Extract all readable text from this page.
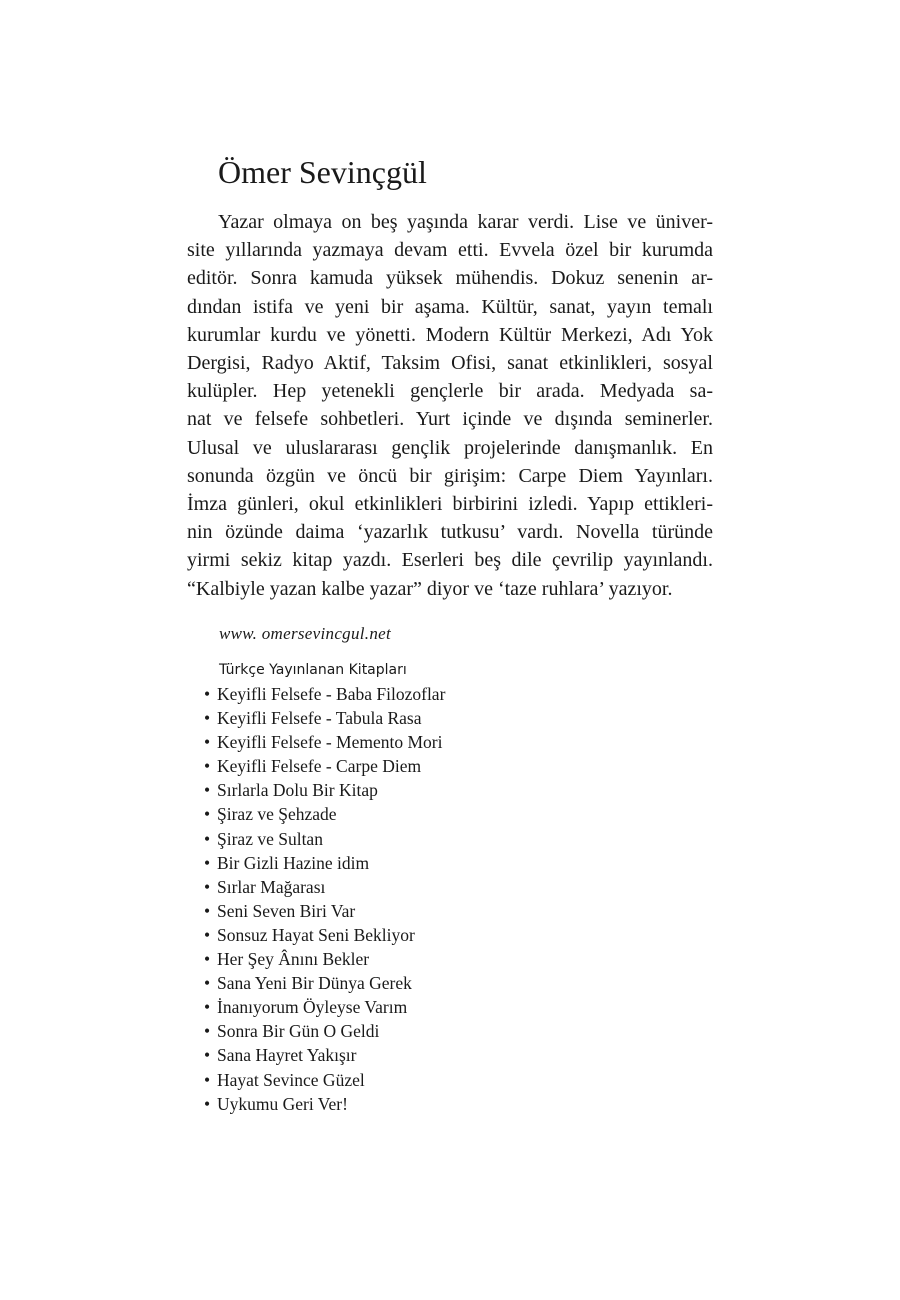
Ömer Sevinçgül
Yazar olmaya on beş yaşında karar verdi. Lise ve üniver-
site yıllarında yazmaya devam etti. Evvela özel bir kurumda
editör. Sonra kamuda yüksek mühendis. Dokuz senenin ar-
dından istifa ve yeni bir aşama. Kültür, sanat, yayın temalı
kurumlar kurdu ve yönetti. Modern Kültür Merkezi, Adı Yok
Dergisi, Radyo Aktif, Taksim Ofisi, sanat etkinlikleri, sosyal
kulüpler. Hep yetenekli gençlerle bir arada. Medyada sa-
nat ve felsefe sohbetleri. Yurt içinde ve dışında seminerler.
Ulusal ve uluslararası gençlik projelerinde danışmanlık. En
sonunda özgün ve öncü bir girişim: Carpe Diem Yayınları.
İmza günleri, okul etkinlikleri birbirini izledi. Yapıp ettikleri-
nin özünde daima ‘yazarlık tutkusu’ vardı. Novella türünde
yirmi sekiz kitap yazdı. Eserleri beş dile çevrilip yayınlandı.
“Kalbiyle yazan kalbe yazar” diyor ve ‘taze ruhlara’ yazıyor.

www. omersevincgul.net

Türkçe Yayınlanan Kitapları
• Keyifli Felsefe - Baba Filozoflar
• Keyifli Felsefe - Tabula Rasa
• Keyifli Felsefe - Memento Mori
• Keyifli Felsefe - Carpe Diem
• Sırlarla Dolu Bir Kitap
• Şiraz ve Şehzade
• Şiraz ve Sultan
• Bir Gizli Hazine idim
• Sırlar Mağarası
• Seni Seven Biri Var
• Sonsuz Hayat Seni Bekliyor
• Her Şey Ânını Bekler
• Sana Yeni Bir Dünya Gerek
• İnanıyorum Öyleyse Varım
• Sonra Bir Gün O Geldi
• Sana Hayret Yakışır
• Hayat Sevince Güzel
• Uykumu Geri Ver!
